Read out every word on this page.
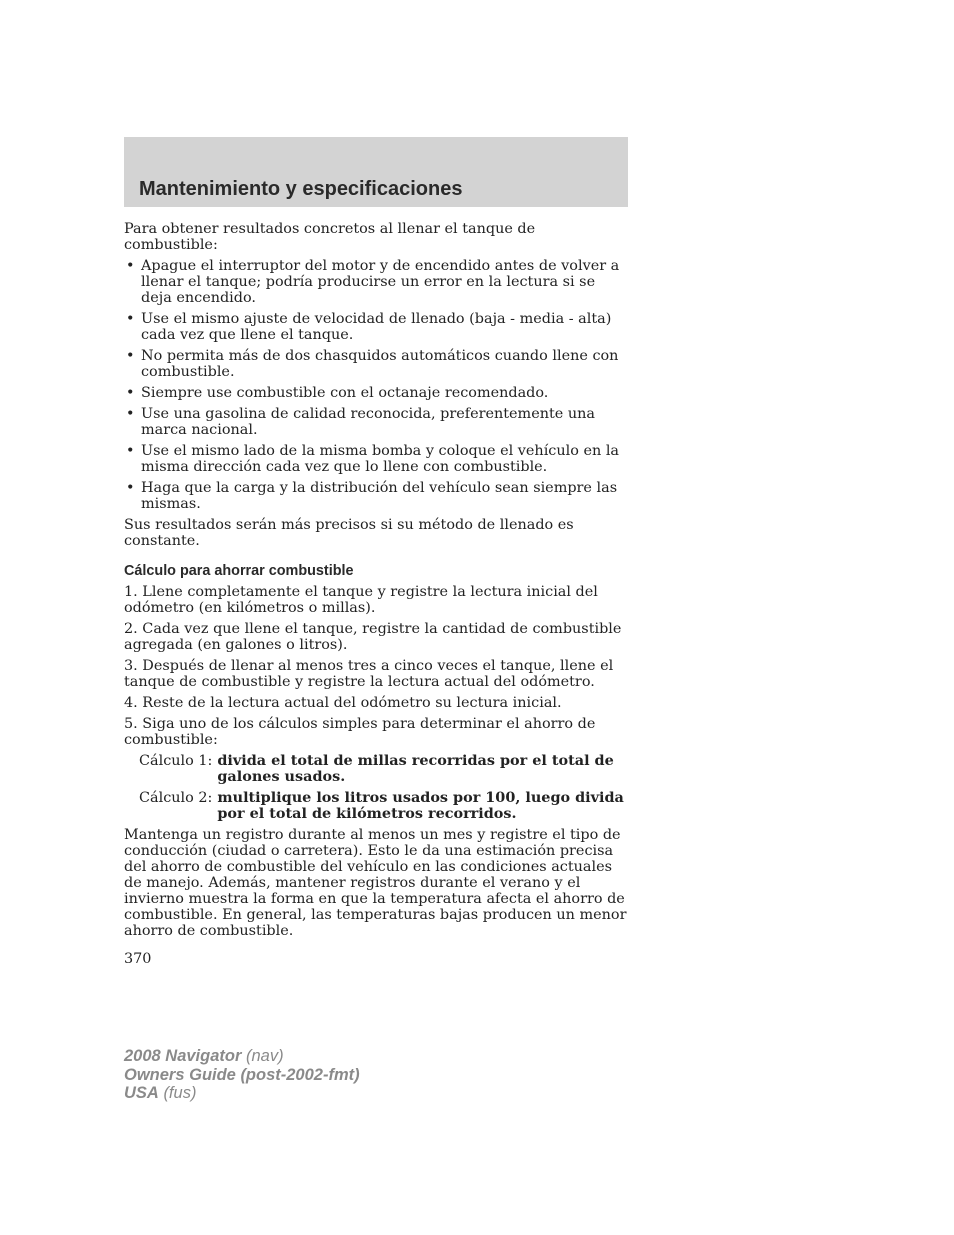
Mantenimiento y especificaciones

Para obtener resultados concretos al llenar el tanque de combustible:

• Apague el interruptor del motor y de encendido antes de volver a llenar el tanque; podría producirse un error en la lectura si se deja encendido.
• Use el mismo ajuste de velocidad de llenado (baja - media - alta) cada vez que llene el tanque.
• No permita más de dos chasquidos automáticos cuando llene con combustible.
• Siempre use combustible con el octanaje recomendado.
• Use una gasolina de calidad reconocida, preferentemente una marca nacional.
• Use el mismo lado de la misma bomba y coloque el vehículo en la misma dirección cada vez que lo llene con combustible.
• Haga que la carga y la distribución del vehículo sean siempre las mismas.

Sus resultados serán más precisos si su método de llenado es constante.

Cálculo para ahorrar combustible

1. Llene completamente el tanque y registre la lectura inicial del odómetro (en kilómetros o millas).

2. Cada vez que llene el tanque, registre la cantidad de combustible agregada (en galones o litros).

3. Después de llenar al menos tres a cinco veces el tanque, llene el tanque de combustible y registre la lectura actual del odómetro.

4. Reste de la lectura actual del odómetro su lectura inicial.

5. Siga uno de los cálculos simples para determinar el ahorro de combustible:

Cálculo 1: divida el total de millas recorridas por el total de galones usados.
Cálculo 2: multiplique los litros usados por 100, luego divida por el total de kilómetros recorridos.

Mantenga un registro durante al menos un mes y registre el tipo de conducción (ciudad o carretera). Esto le da una estimación precisa del ahorro de combustible del vehículo en las condiciones actuales de manejo. Además, mantener registros durante el verano y el invierno muestra la forma en que la temperatura afecta el ahorro de combustible. En general, las temperaturas bajas producen un menor ahorro de combustible.

370
2008 Navigator (nav)
Owners Guide (post-2002-fmt)
USA (fus)
